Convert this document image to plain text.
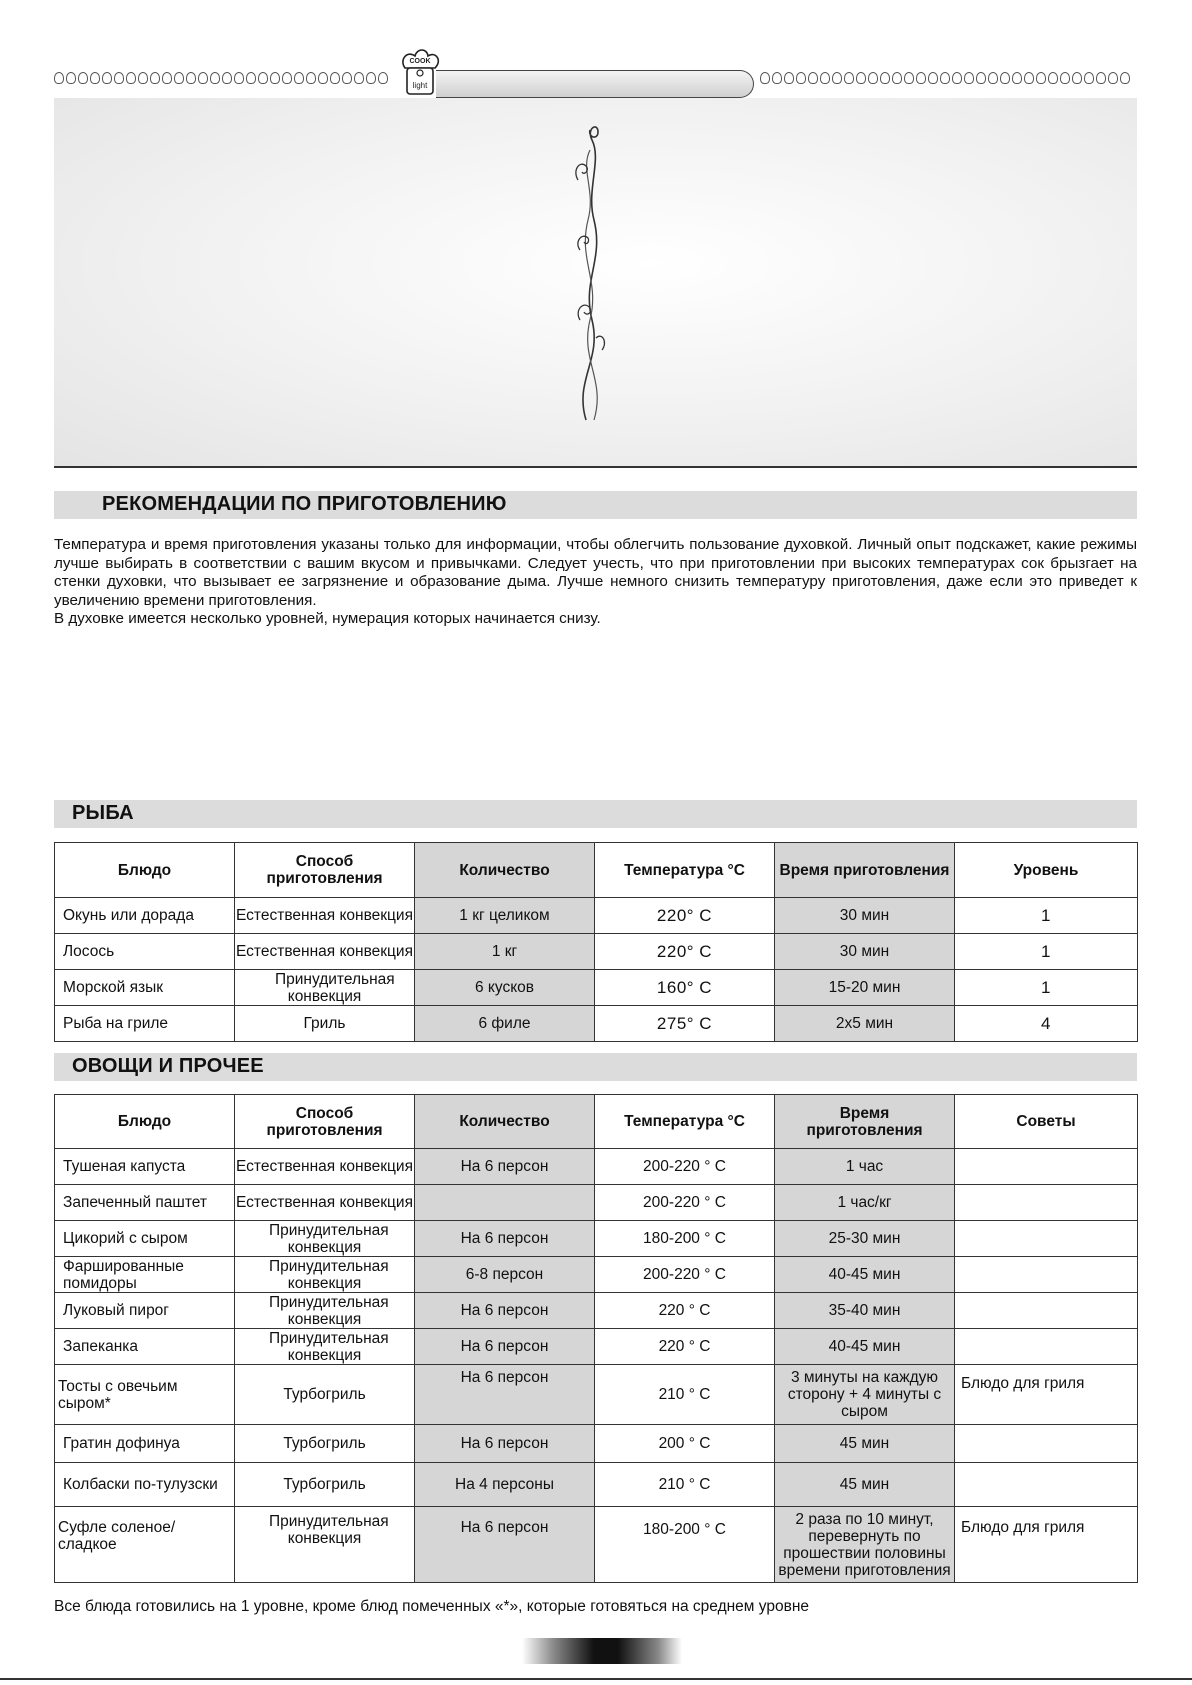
COOK
light
РЕКОМЕНДАЦИИ ПО ПРИГОТОВЛЕНИЮ

Температура и время приготовления указаны только для информации, чтобы облегчить пользование духовкой. Личный опыт подскажет, какие режимы лучше выбирать в соответствии с вашим вкусом и привычками. Следует учесть, что при приготовлении при высоких температурах сок брызгает на стенки духовки, что вызывает ее загрязнение и образование дыма. Лучше немного снизить температуру приготовления, даже если это приведет к увеличению времени приготовления.

В духовке имеется несколько уровней, нумерация которых начинается снизу.

РЫБА
Блюдо	Способ приготовления	Количество	Температура °C	Время приготовления	Уровень
Окунь или дорада	Естественная конвекция	1 кг целиком	220° C	30 мин	1
Лосось	Естественная конвекция	1 кг	220° C	30 мин	1
Морской язык	Принудительная конвекция	6 кусков	160° C	15-20 мин	1
Рыба на гриле	Гриль	6 филе	275° C	2x5 мин	4
ОВОЩИ И ПРОЧЕЕ
Блюдо	Способ приготовления	Количество	Температура °C	Время приготовления	Советы
Тушеная капуста	Естественная конвекция	На 6 персон	200-220 ° C	1 час	
Запеченный паштет	Естественная конвекция		200-220 ° C	1 час/кг	
Цикорий с сыром	Принудительная конвекция	На 6 персон	180-200 ° C	25-30 мин	
Фаршированные помидоры	Принудительная конвекция	6-8 персон	200-220 ° C	40-45 мин	
Луковый пирог	Принудительная конвекция	На 6 персон	220 ° C	35-40 мин	
Запеканка	Принудительная конвекция	На 6 персон	220 ° C	40-45 мин	
Тосты с овечьим сыром*	Турбогриль	На 6 персон	210 ° C	3 минуты на каждую сторону + 4 минуты с сыром	Блюдо для гриля
Гратин дофинуа	Турбогриль	На 6 персон	200 ° C	45 мин	
Колбаски по-тулузски	Турбогриль	На 4 персоны	210 ° C	45 мин	
Суфле соленое/сладкое	Принудительная конвекция	На 6 персон	180-200 ° C	2 раза по 10 минут, перевернуть по прошествии половины времени приготовления	Блюдо для гриля
Все блюда готовились на 1 уровне, кроме блюд помеченных «*», которые готовяться на среднем уровне
